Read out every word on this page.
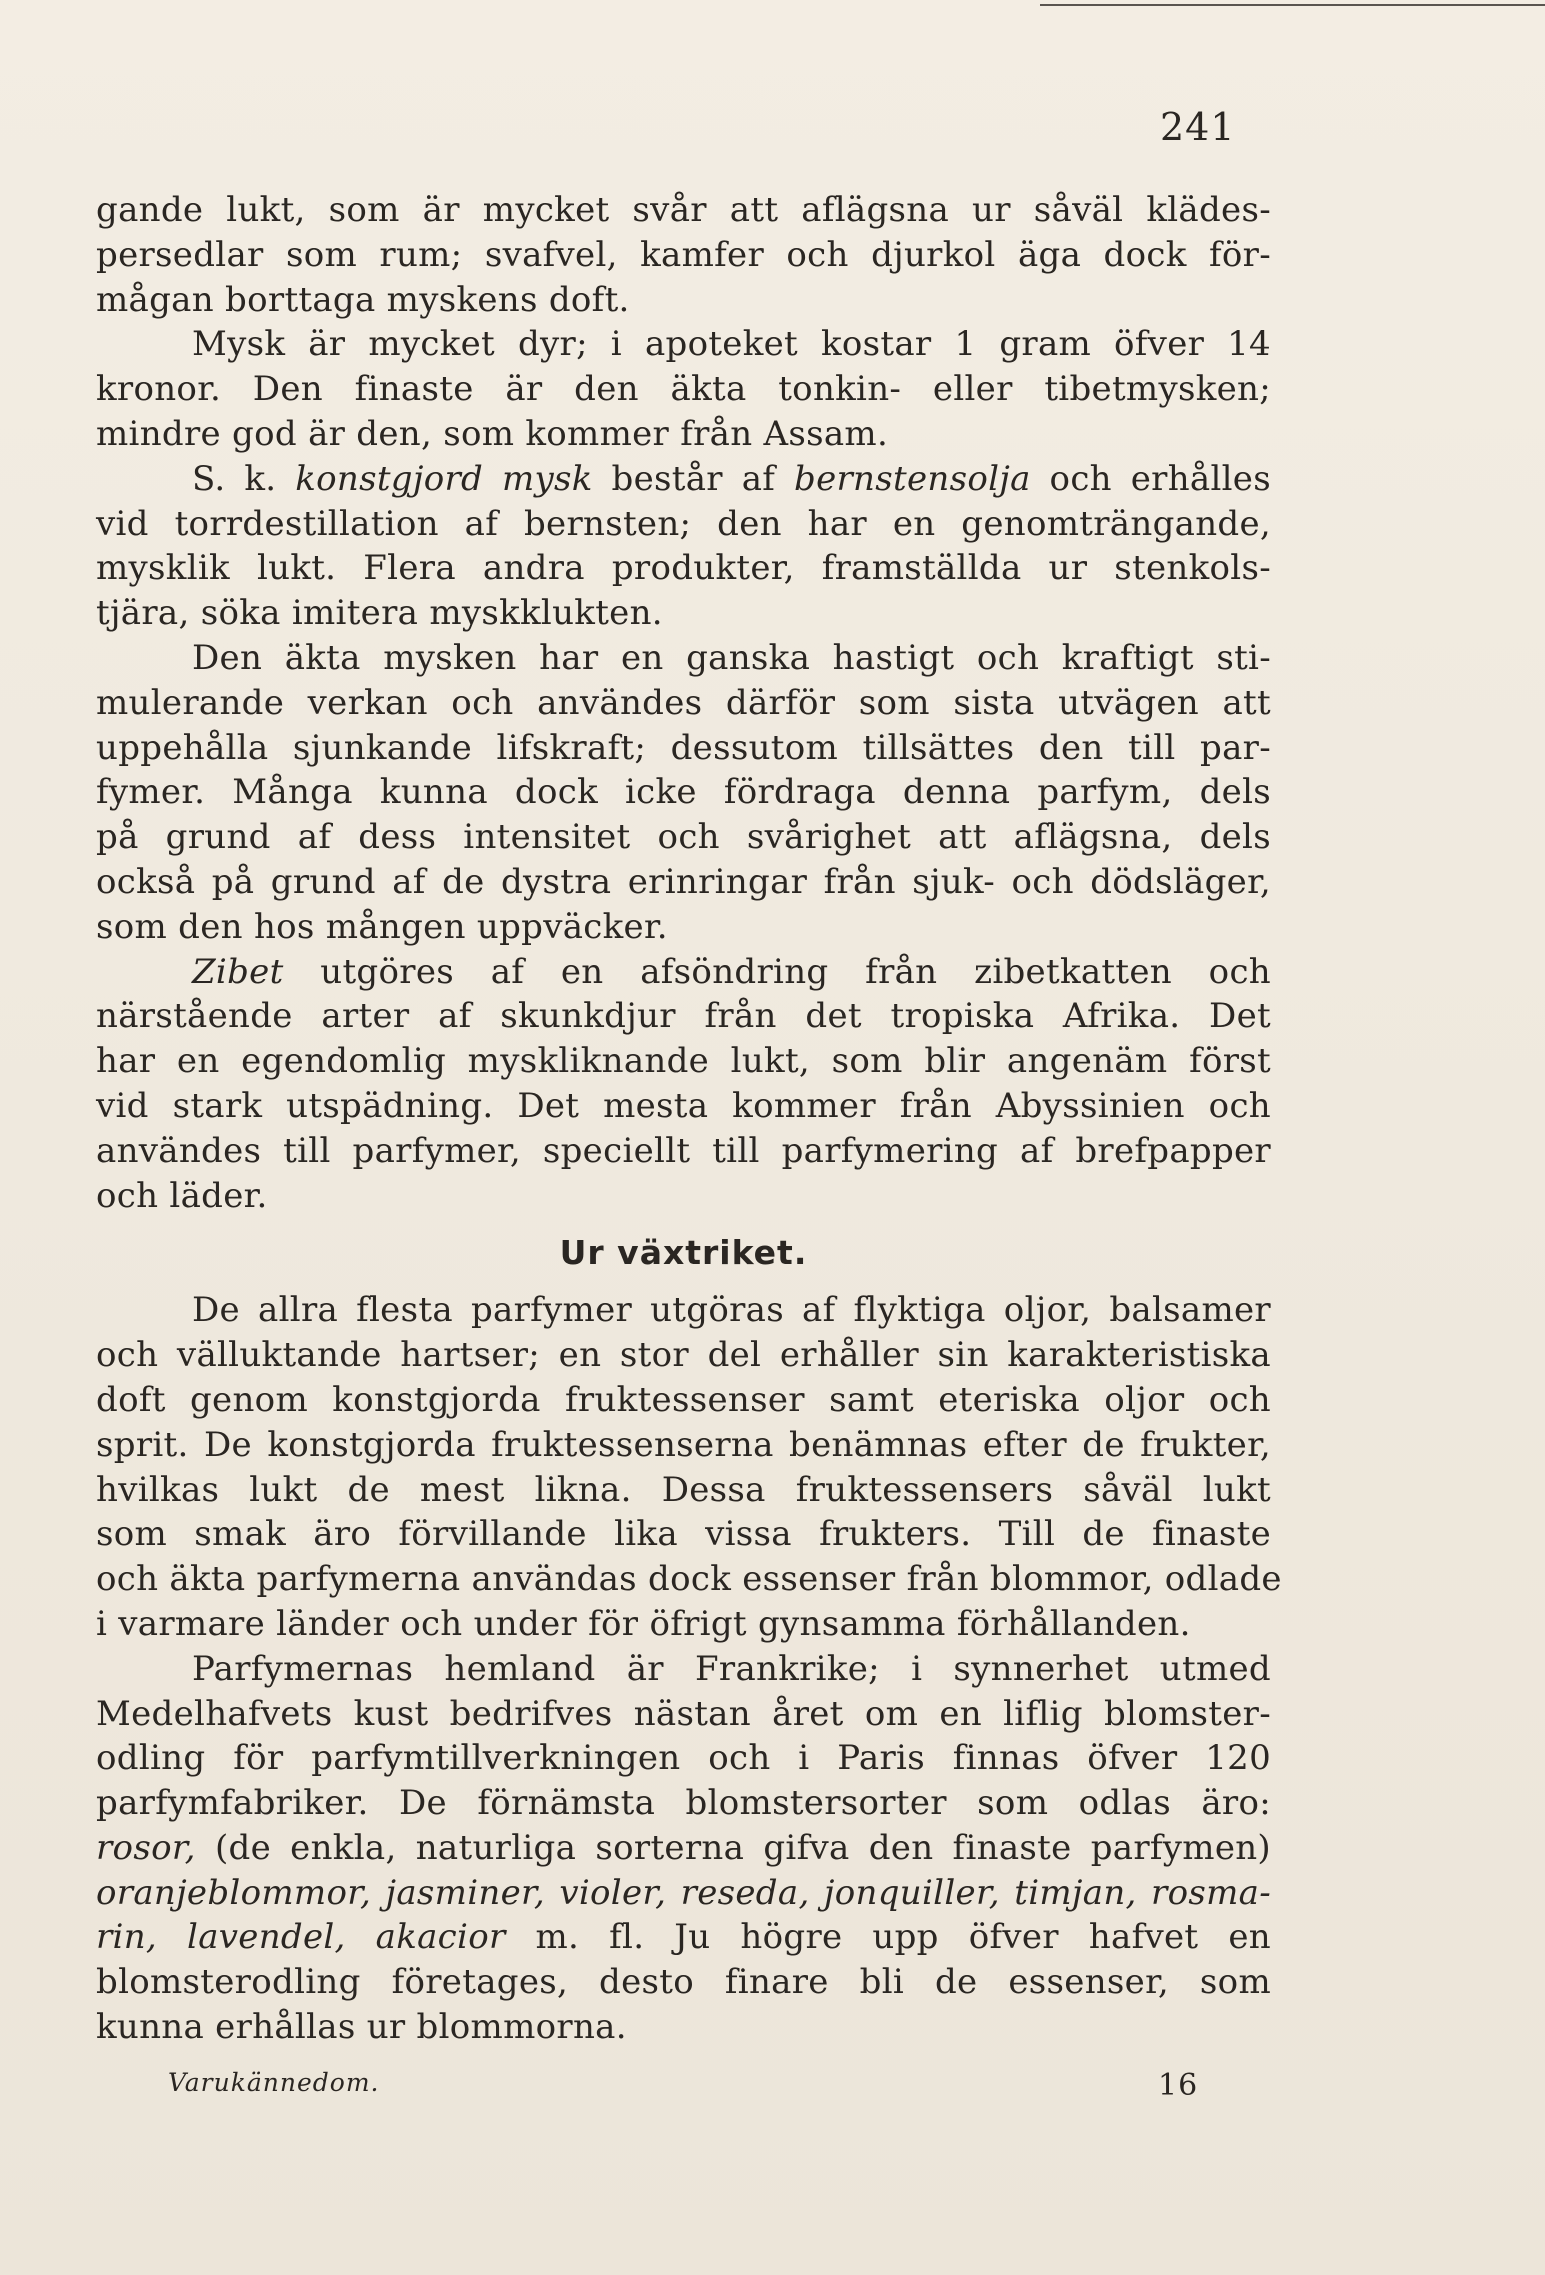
241
gande lukt, som är mycket svår att aflägsna ur såväl klädes-
persedlar som rum; svafvel, kamfer och djurkol äga dock för-
mågan borttaga myskens doft.
Mysk är mycket dyr; i apoteket kostar 1 gram öfver 14
kronor. Den finaste är den äkta tonkin- eller tibetmysken;
mindre god är den, som kommer från Assam.
S. k. konstgjord mysk består af bernstensolja och erhålles
vid torrdestillation af bernsten; den har en genomträngande,
mysklik lukt. Flera andra produkter, framställda ur stenkols-
tjära, söka imitera myskklukten.
Den äkta mysken har en ganska hastigt och kraftigt sti-
mulerande verkan och användes därför som sista utvägen att
uppehålla sjunkande lifskraft; dessutom tillsättes den till par-
fymer. Många kunna dock icke fördraga denna parfym, dels
på grund af dess intensitet och svårighet att aflägsna, dels
också på grund af de dystra erinringar från sjuk- och dödsläger,
som den hos mången uppväcker.
Zibet utgöres af en afsöndring från zibetkatten och
närstående arter af skunkdjur från det tropiska Afrika. Det
har en egendomlig myskliknande lukt, som blir angenäm först
vid stark utspädning. Det mesta kommer från Abyssinien och
användes till parfymer, speciellt till parfymering af brefpapper
och läder.
Ur växtriket.
De allra flesta parfymer utgöras af flyktiga oljor, balsamer
och välluktande hartser; en stor del erhåller sin karakteristiska
doft genom konstgjorda fruktessenser samt eteriska oljor och
sprit. De konstgjorda fruktessenserna benämnas efter de frukter,
hvilkas lukt de mest likna. Dessa fruktessensers såväl lukt
som smak äro förvillande lika vissa frukters. Till de finaste
och äkta parfymerna användas dock essenser från blommor, odlade
i varmare länder och under för öfrigt gynsamma förhållanden.
Parfymernas hemland är Frankrike; i synnerhet utmed
Medelhafvets kust bedrifves nästan året om en liflig blomster-
odling för parfymtillverkningen och i Paris finnas öfver 120
parfymfabriker. De förnämsta blomstersorter som odlas äro:
rosor, (de enkla, naturliga sorterna gifva den finaste parfymen)
oranjeblommor, jasminer, violer, reseda, jonquiller, timjan, rosma-
rin, lavendel, akacior m. fl. Ju högre upp öfver hafvet en
blomsterodling företages, desto finare bli de essenser, som
kunna erhållas ur blommorna.
Varukännedom.	16
